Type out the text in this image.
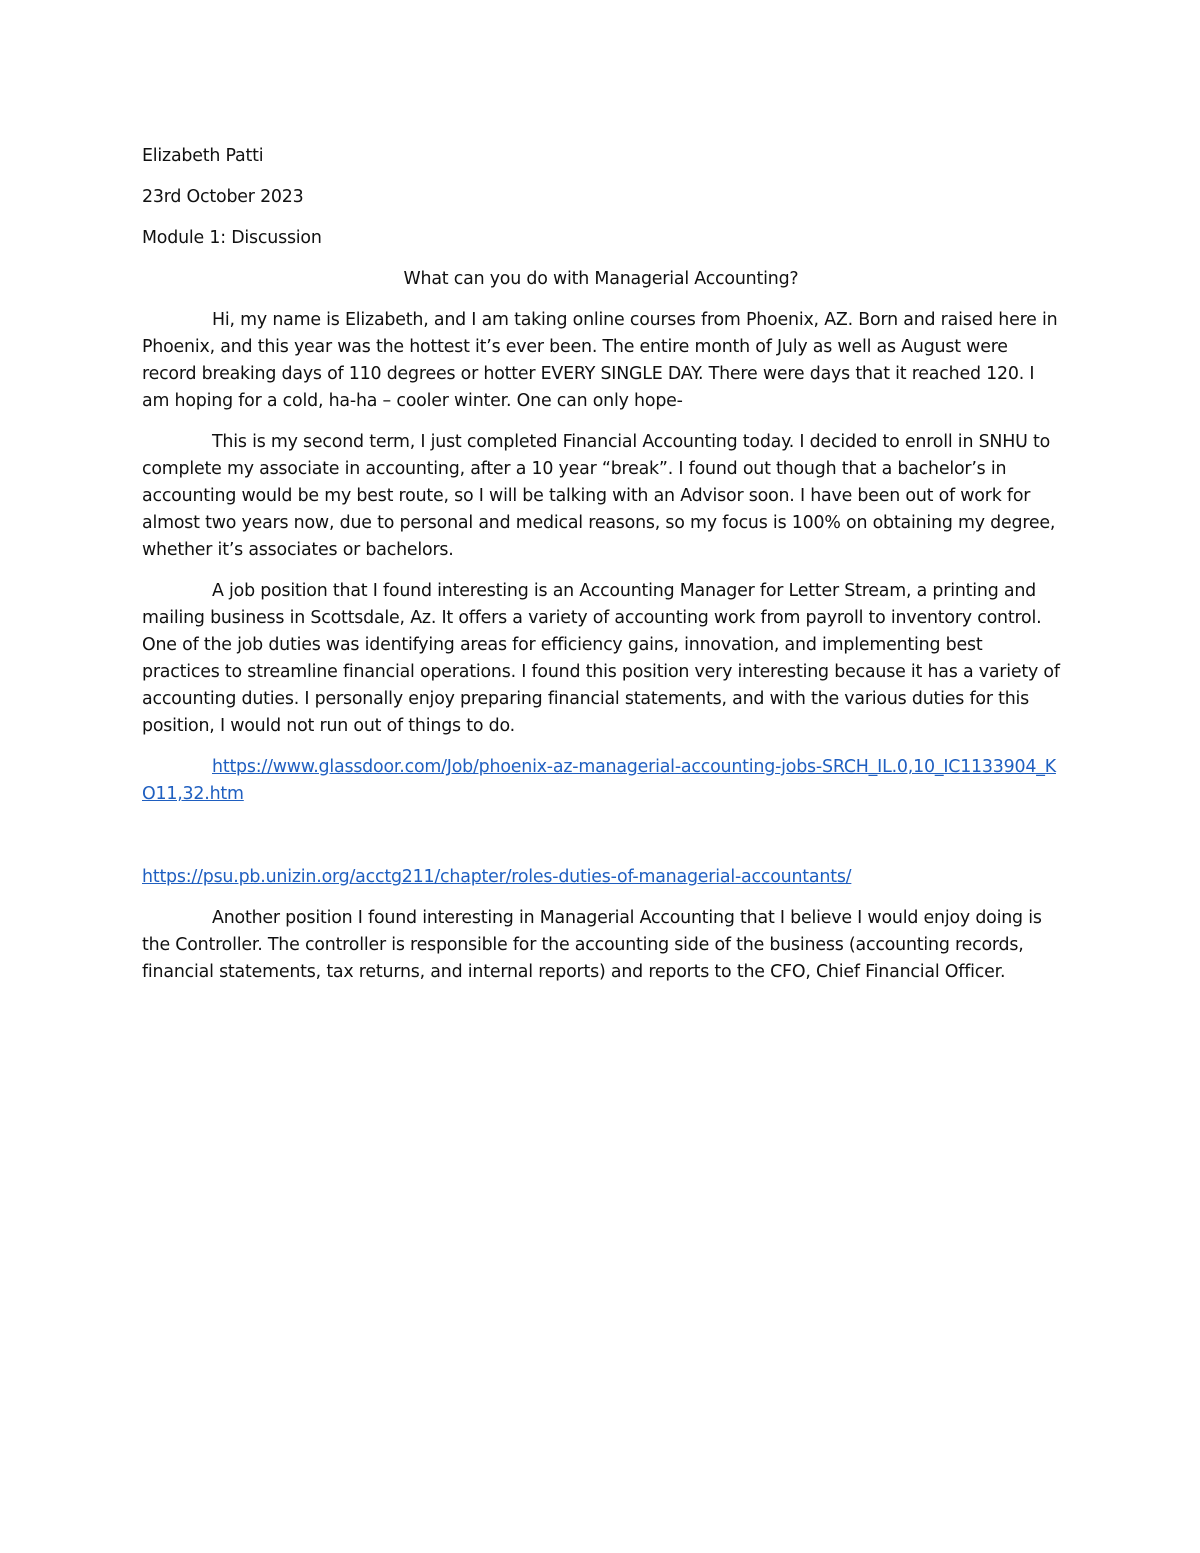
Elizabeth Patti
23rd October 2023
Module 1: Discussion
What can you do with Managerial Accounting?

Hi, my name is Elizabeth, and I am taking online courses from Phoenix, AZ. Born and raised here in Phoenix, and this year was the hottest it’s ever been. The entire month of July as well as August were record breaking days of 110 degrees or hotter EVERY SINGLE DAY. There were days that it reached 120. I am hoping for a cold, ha-ha – cooler winter. One can only hope-

This is my second term, I just completed Financial Accounting today. I decided to enroll in SNHU to complete my associate in accounting, after a 10 year “break”. I found out though that a bachelor’s in accounting would be my best route, so I will be talking with an Advisor soon. I have been out of work for almost two years now, due to personal and medical reasons, so my focus is 100% on obtaining my degree, whether it’s associates or bachelors.

A job position that I found interesting is an Accounting Manager for Letter Stream, a printing and mailing business in Scottsdale, Az. It offers a variety of accounting work from payroll to inventory control. One of the job duties was identifying areas for efficiency gains, innovation, and implementing best practices to streamline financial operations. I found this position very interesting because it has a variety of accounting duties. I personally enjoy preparing financial statements, and with the various duties for this position, I would not run out of things to do.

https://www.glassdoor.com/Job/phoenix-az-managerial-accounting-jobs-SRCH_IL.0,10_IC1133904_KO11,32.htm

https://psu.pb.unizin.org/acctg211/chapter/roles-duties-of-managerial-accountants/

Another position I found interesting in Managerial Accounting that I believe I would enjoy doing is the Controller. The controller is responsible for the accounting side of the business (accounting records, financial statements, tax returns, and internal reports) and reports to the CFO, Chief Financial Officer.
